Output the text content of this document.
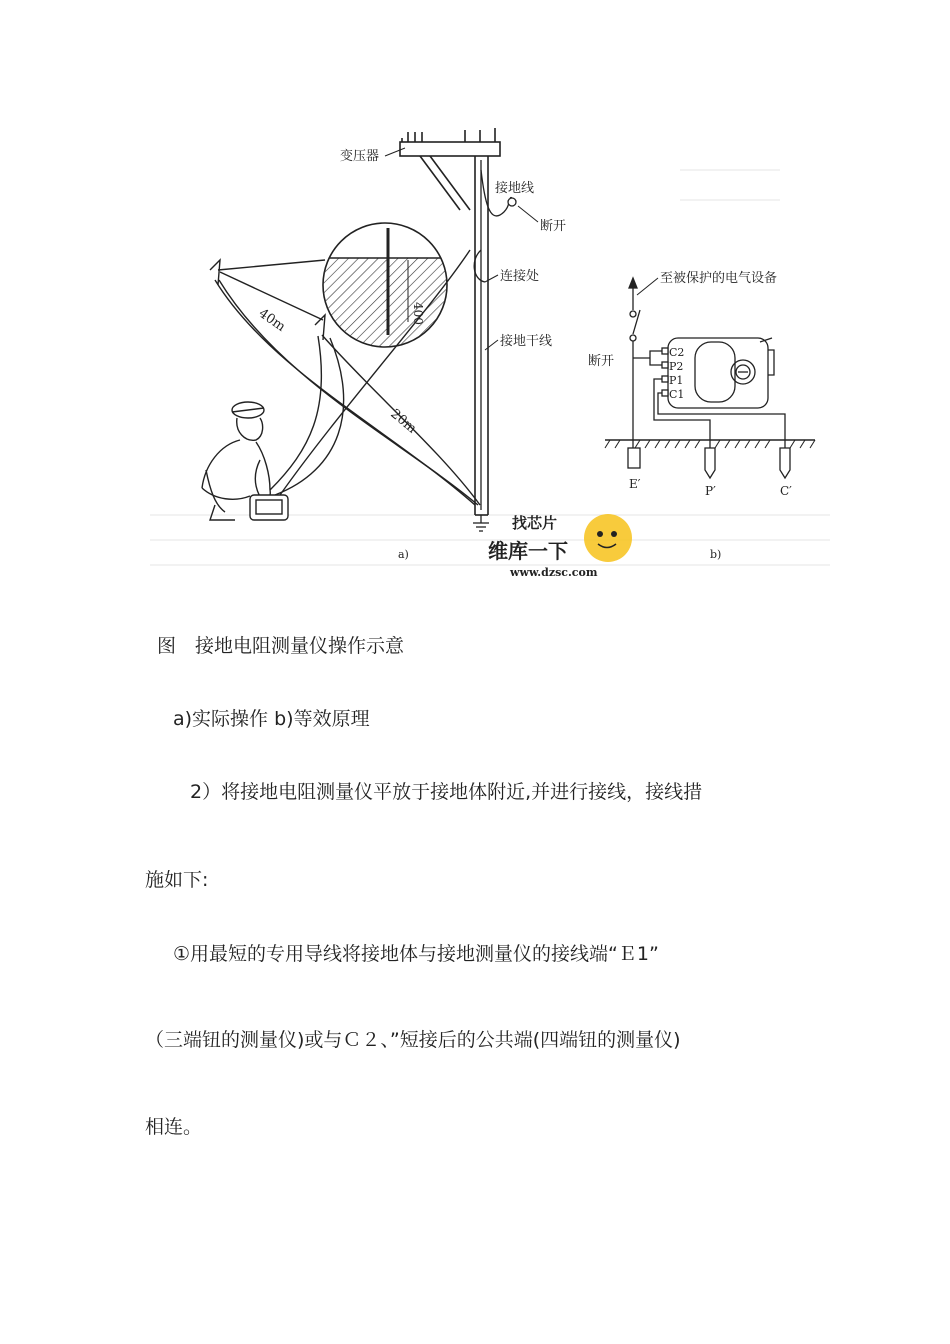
400
40m
20m
变压器
接地线
断开
连接处
接地干线
a)
至被保护的电气设备
断开
C2
P2
P1
C1
E′	P′	C′
b)
找芯片
维库一下
www.dzsc.com
图　接地电阻测量仪操作示意
a)实际操作 b)等效原理
2）将接地电阻测量仪平放于接地体附近,并进行接线，接线措
施如下:
①用最短的专用导线将接地体与接地测量仪的接线端“Ｅ1”
（三端钮的测量仪)或与Ｃ２、”短接后的公共端(四端钮的测量仪)
相连。
